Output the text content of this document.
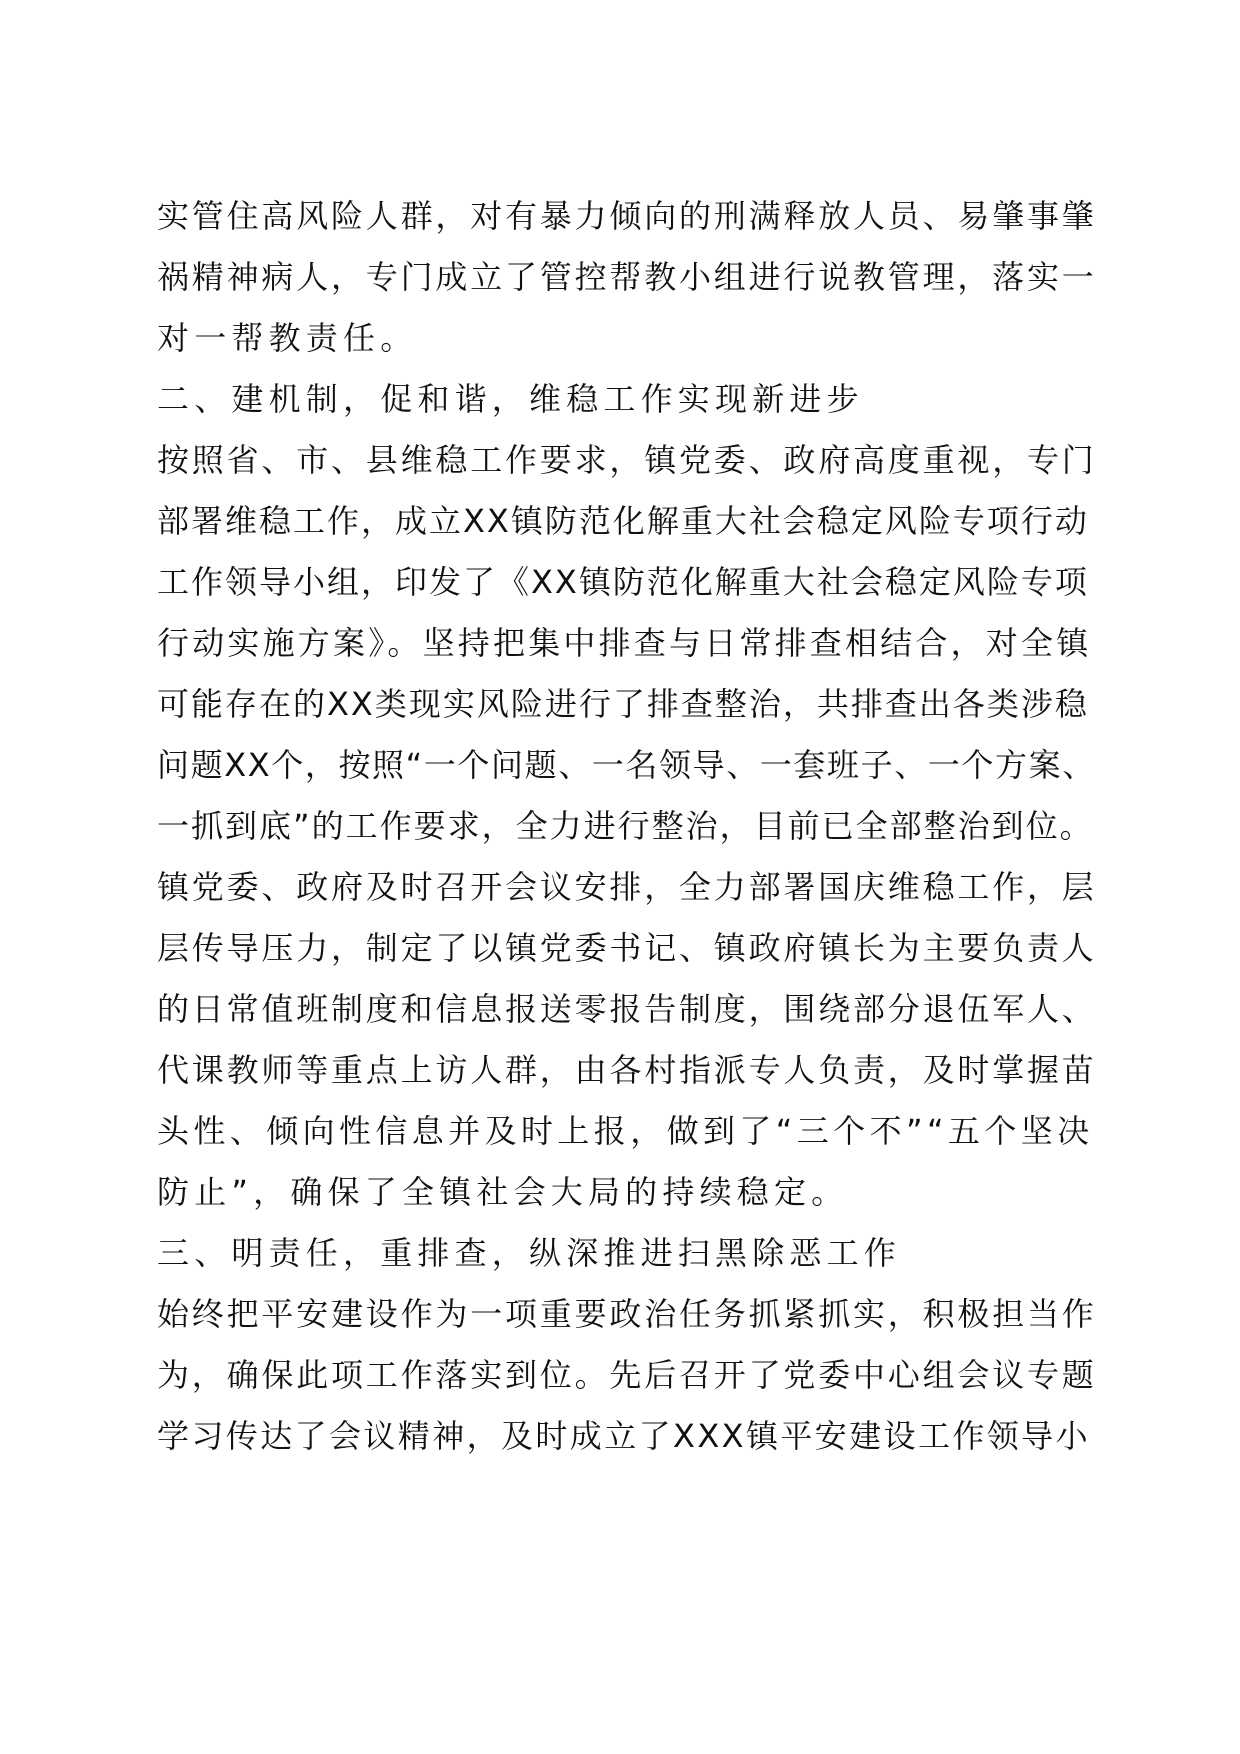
实管住高风险人群，对有暴力倾向的刑满释放人员、易肇事肇
祸精神病人，专门成立了管控帮教小组进行说教管理，落实一
对一帮教责任。
二、建机制，促和谐，维稳工作实现新进步
按照省、市、县维稳工作要求，镇党委、政府高度重视，专门
部署维稳工作，成立XX镇防范化解重大社会稳定风险专项行动
工作领导小组，印发了《XX镇防范化解重大社会稳定风险专项
行动实施方案》。坚持把集中排查与日常排查相结合，对全镇
可能存在的XX类现实风险进行了排查整治，共排查出各类涉稳
问题XX个，按照“一个问题、一名领导、一套班子、一个方案、
一抓到底”的工作要求，全力进行整治，目前已全部整治到位。
镇党委、政府及时召开会议安排，全力部署国庆维稳工作，层
层传导压力，制定了以镇党委书记、镇政府镇长为主要负责人
的日常值班制度和信息报送零报告制度，围绕部分退伍军人、
代课教师等重点上访人群，由各村指派专人负责，及时掌握苗
头性、倾向性信息并及时上报，做到了“三个不”“五个坚决
防止”，确保了全镇社会大局的持续稳定。
三、明责任，重排查，纵深推进扫黑除恶工作
始终把平安建设作为一项重要政治任务抓紧抓实，积极担当作
为，确保此项工作落实到位。先后召开了党委中心组会议专题
学习传达了会议精神，及时成立了XXX镇平安建设工作领导小
